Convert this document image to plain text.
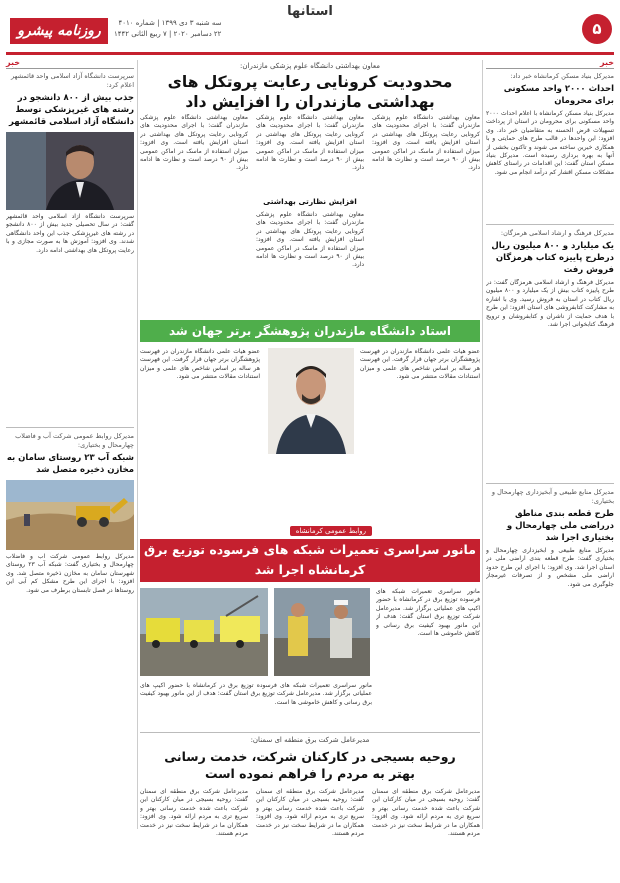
۵
استانها
روزنامه پیشرو	سه شنبه ۳ دی ۱۳۹۹ | شماره ۴۰۱۰
۲۲ دسامبر ۲۰۲۰ | ۷ ربیع الثانی ۱۴۴۲
خبر
مدیرکل بنیاد مسکن کرمانشاه خبر داد:
احداث ۲۰۰۰ واحد مسکونی برای محرومان
مدیرکل بنیاد مسکن کرمانشاه با اعلام احداث ۲۰۰۰ واحد مسکونی برای محرومان در استان از پرداخت تسهیلات قرض الحسنه به متقاضیان خبر داد. وی افزود: این واحدها در قالب طرح های حمایتی و با همکاری خیرین ساخته می شوند و تاکنون بخشی از آنها به بهره برداری رسیده است. مدیرکل بنیاد مسکن استان گفت: این اقدامات در راستای کاهش مشکلات مسکن اقشار کم درآمد انجام می شود.
مدیرکل فرهنگ و ارشاد اسلامی هرمزگان:
یک میلیارد و ۸۰۰ میلیون ریال درطرح پاییزه کتاب هرمزگان فروش رفت
مدیرکل فرهنگ و ارشاد اسلامی هرمزگان گفت: در طرح پاییزه کتاب بیش از یک میلیارد و ۸۰۰ میلیون ریال کتاب در استان به فروش رسید. وی با اشاره به مشارکت کتابفروشی های استان افزود: این طرح با هدف حمایت از ناشران و کتابفروشان و ترویج فرهنگ کتابخوانی اجرا شد.
مدیرکل منابع طبیعی و آبخیزداری چهارمحال و بختیاری:
طرح قطعه بندی مناطق درراضی ملی چهارمحال و بختیاری اجرا شد
مدیرکل منابع طبیعی و آبخیزداری چهارمحال و بختیاری گفت: طرح قطعه بندی اراضی ملی در استان اجرا شد. وی افزود: با اجرای این طرح حدود اراضی ملی مشخص و از تصرفات غیرمجاز جلوگیری می شود.
خبر
سرپرست دانشگاه آزاد اسلامی واحد قائمشهر اعلام کرد:
جذب بیش از ۸۰۰ دانشجو در رشته های غیرپزشکی توسط دانشگاه آزاد اسلامی قائمشهر
سرپرست دانشگاه آزاد اسلامی واحد قائمشهر گفت: در سال تحصیلی جدید بیش از ۸۰۰ دانشجو در رشته های غیرپزشکی جذب این واحد دانشگاهی شدند. وی افزود: آموزش ها به صورت مجازی و با رعایت پروتکل های بهداشتی ادامه دارد.
مدیرکل روابط عمومی شرکت آب و فاضلاب چهارمحال و بختیاری:
شبکه آب ۲۳ روستای سامان به مخازن ذخیره متصل شد
مدیرکل روابط عمومی شرکت آب و فاضلاب چهارمحال و بختیاری گفت: شبکه آب ۲۳ روستای شهرستان سامان به مخازن ذخیره متصل شد. وی افزود: با اجرای این طرح مشکل کم آبی این روستاها در فصل تابستان برطرف می شود.
معاون بهداشتی دانشگاه علوم پزشکی مازندران:
محدودیت کرونایی رعایت پروتکل های بهداشتی مازندران را افزایش داد
معاون بهداشتی دانشگاه علوم پزشکی مازندران گفت: با اجرای محدودیت های کرونایی رعایت پروتکل های بهداشتی در استان افزایش یافته است. وی افزود: میزان استفاده از ماسک در اماکن عمومی بیش از ۹۰ درصد است و نظارت ها ادامه دارد.
معاون بهداشتی دانشگاه علوم پزشکی مازندران گفت: با اجرای محدودیت های کرونایی رعایت پروتکل های بهداشتی در استان افزایش یافته است. وی افزود: میزان استفاده از ماسک در اماکن عمومی بیش از ۹۰ درصد است و نظارت ها ادامه دارد.
افزایش نظارتی بهداشتی
معاون بهداشتی دانشگاه علوم پزشکی مازندران گفت: با اجرای محدودیت های کرونایی رعایت پروتکل های بهداشتی در استان افزایش یافته است. وی افزود: میزان استفاده از ماسک در اماکن عمومی بیش از ۹۰ درصد است و نظارت ها ادامه دارد.
معاون بهداشتی دانشگاه علوم پزشکی مازندران گفت: با اجرای محدودیت های کرونایی رعایت پروتکل های بهداشتی در استان افزایش یافته است. وی افزود: میزان استفاده از ماسک در اماکن عمومی بیش از ۹۰ درصد است و نظارت ها ادامه دارد.
استاد دانشگاه مازندران پژوهشگر برتر جهان شد
عضو هیات علمی دانشگاه مازندران در فهرست پژوهشگران برتر جهان قرار گرفت. این فهرست هر ساله بر اساس شاخص های علمی و میزان استنادات مقالات منتشر می شود.
عضو هیات علمی دانشگاه مازندران در فهرست پژوهشگران برتر جهان قرار گرفت. این فهرست هر ساله بر اساس شاخص های علمی و میزان استنادات مقالات منتشر می شود.
روابط عمومی کرمانشاه
مانور سراسری تعمیرات شبکه های فرسوده توزیع برق کرمانشاه اجرا شد
مانور سراسری تعمیرات شبکه های فرسوده توزیع برق در کرمانشاه با حضور اکیپ های عملیاتی برگزار شد. مدیرعامل شرکت توزیع برق استان گفت: هدف از این مانور بهبود کیفیت برق رسانی و کاهش خاموشی ها است.
مانور سراسری تعمیرات شبکه های فرسوده توزیع برق در کرمانشاه با حضور اکیپ های عملیاتی برگزار شد. مدیرعامل شرکت توزیع برق استان گفت: هدف از این مانور بهبود کیفیت برق رسانی و کاهش خاموشی ها است.
مدیرعامل شرکت برق منطقه ای سمنان:
روحیه بسیجی در کارکنان شرکت، خدمت رسانی بهتر به مردم را فراهم نموده است
مدیرعامل شرکت برق منطقه ای سمنان گفت: روحیه بسیجی در میان کارکنان این شرکت باعث شده خدمت رسانی بهتر و سریع تری به مردم ارائه شود. وی افزود: همکاران ما در شرایط سخت نیز در خدمت مردم هستند.
مدیرعامل شرکت برق منطقه ای سمنان گفت: روحیه بسیجی در میان کارکنان این شرکت باعث شده خدمت رسانی بهتر و سریع تری به مردم ارائه شود. وی افزود: همکاران ما در شرایط سخت نیز در خدمت مردم هستند.
مدیرعامل شرکت برق منطقه ای سمنان گفت: روحیه بسیجی در میان کارکنان این شرکت باعث شده خدمت رسانی بهتر و سریع تری به مردم ارائه شود. وی افزود: همکاران ما در شرایط سخت نیز در خدمت مردم هستند.
